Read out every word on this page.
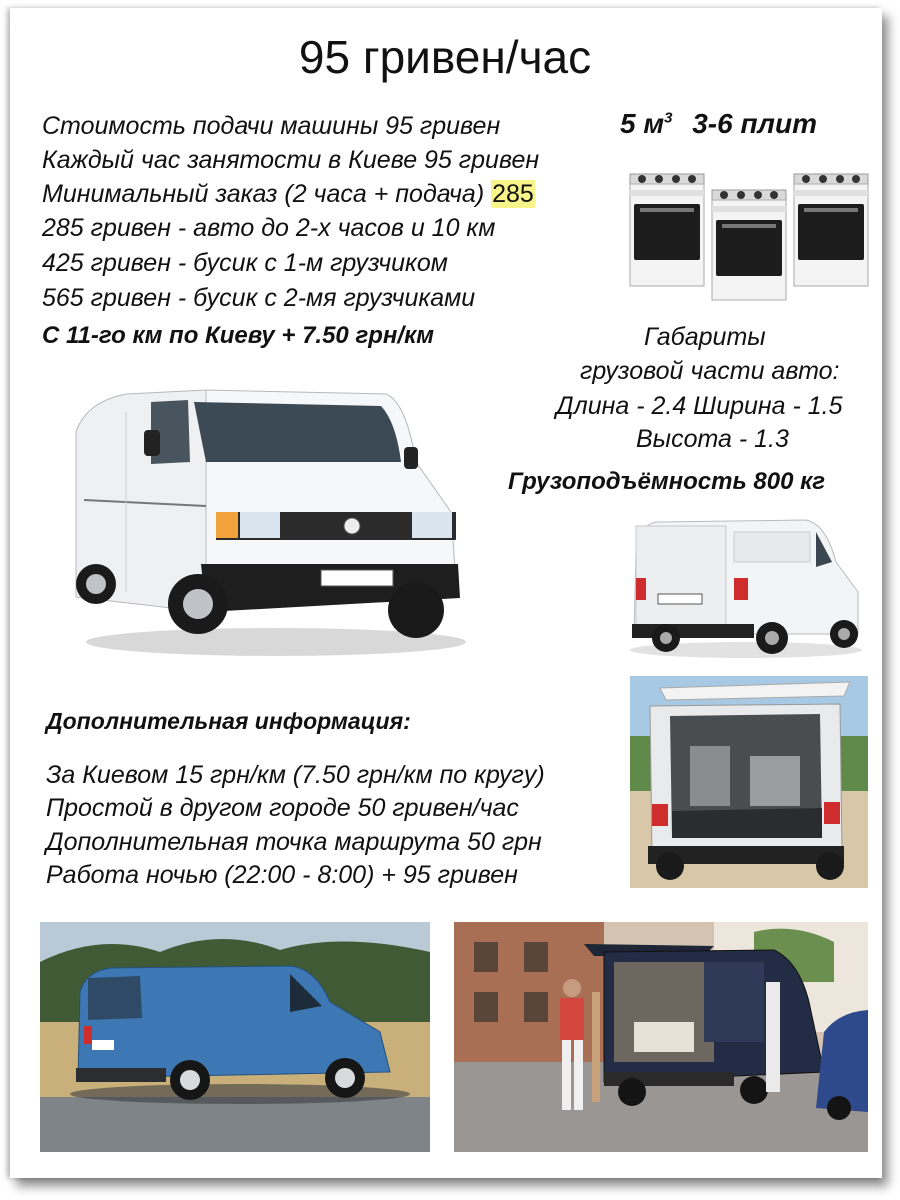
95 гривен/час
Стоимость подачи машины 95 гривен
Каждый час занятости в Киеве 95 гривен
Минимальный заказ (2 часа + подача) 285
285 гривен - авто до 2-х часов и 10 км
425 гривен - бусик с 1-м грузчиком
565 гривен - бусик с 2-мя грузчиками
С 11-го км по Киеву + 7.50 грн/км
5 $м^3$ 3-6 плит
Габариты
грузовой части авто:
Длина - 2.4 Ширина - 1.5
Высота - 1.3
Грузоподъёмность 800 кг
Дополнительная информация:
За Киевом 15 грн/км (7.50 грн/км по кругу)
Простой в другом городе 50 гривен/час
Дополнительная точка маршрута 50 грн
Работа ночью (22:00 - 8:00) + 95 гривен
